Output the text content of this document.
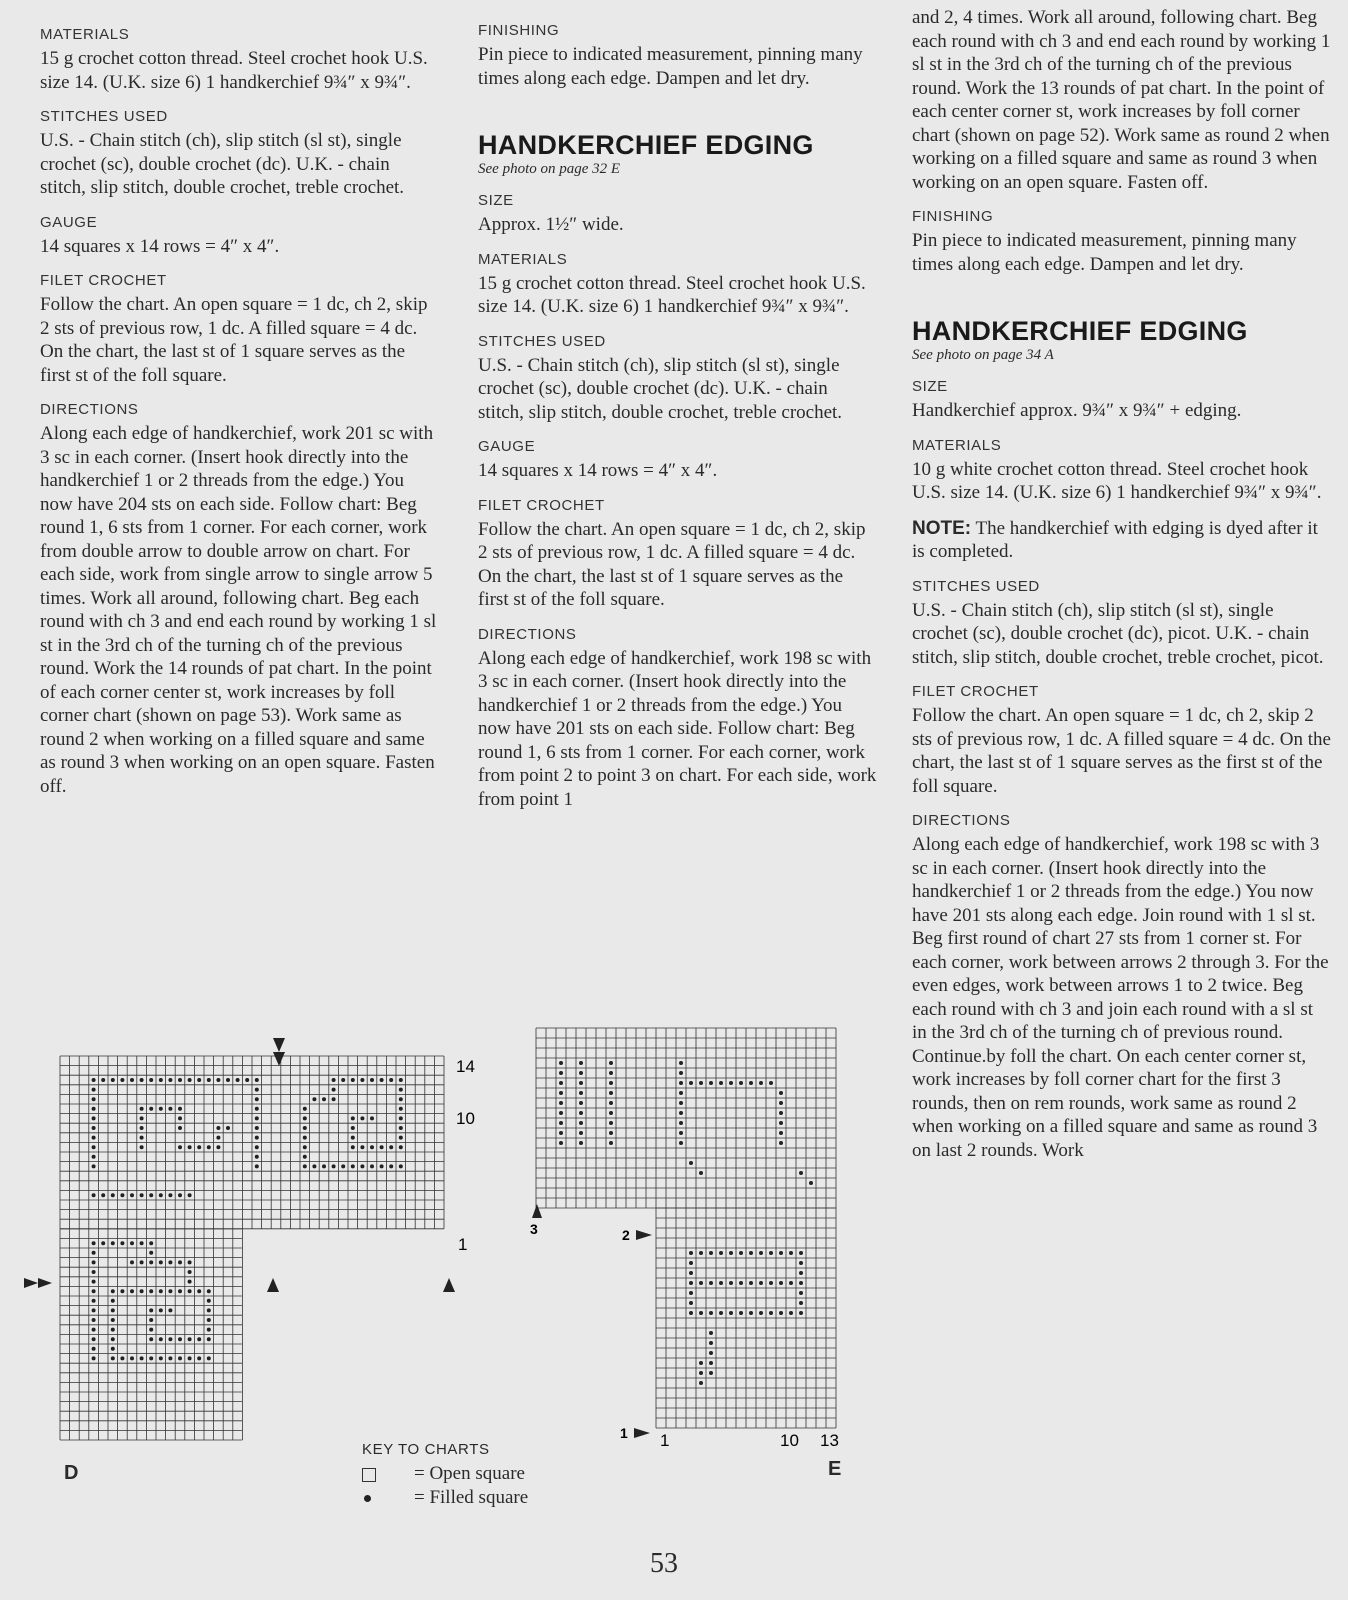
MATERIALS
15 g crochet cotton thread. Steel crochet hook U.S. size 14. (U.K. size 6) 1 handkerchief 9¾″ x 9¾″.
STITCHES USED
U.S. - Chain stitch (ch), slip stitch (sl st), single crochet (sc), double crochet (dc). U.K. - chain stitch, slip stitch, double crochet, treble crochet.
GAUGE
14 squares x 14 rows = 4″ x 4″.
FILET CROCHET
Follow the chart. An open square = 1 dc, ch 2, skip 2 sts of previous row, 1 dc. A filled square = 4 dc. On the chart, the last st of 1 square serves as the first st of the foll square.
DIRECTIONS
Along each edge of handkerchief, work 201 sc with 3 sc in each corner. (Insert hook directly into the handkerchief 1 or 2 threads from the edge.) You now have 204 sts on each side. Follow chart: Beg round 1, 6 sts from 1 corner. For each corner, work from double arrow to double arrow on chart. For each side, work from single arrow to single arrow 5 times. Work all around, following chart. Beg each round with ch 3 and end each round by working 1 sl st in the 3rd ch of the turning ch of the previous round. Work the 14 rounds of pat chart. In the point of each corner center st, work increases by foll corner chart (shown on page 53). Work same as round 2 when working on a filled square and same as round 3 when working on an open square. Fasten off.
FINISHING
Pin piece to indicated measurement, pinning many times along each edge. Dampen and let dry.
HANDKERCHIEF EDGING
See photo on page 32 E
SIZE
Approx. 1½″ wide.
MATERIALS
15 g crochet cotton thread. Steel crochet hook U.S. size 14. (U.K. size 6) 1 handkerchief 9¾″ x 9¾″.
STITCHES USED
U.S. - Chain stitch (ch), slip stitch (sl st), single crochet (sc), double crochet (dc). U.K. - chain stitch, slip stitch, double crochet, treble crochet.
GAUGE
14 squares x 14 rows = 4″ x 4″.
FILET CROCHET
Follow the chart. An open square = 1 dc, ch 2, skip 2 sts of previous row, 1 dc. A filled square = 4 dc. On the chart, the last st of 1 square serves as the first st of the foll square.
DIRECTIONS
Along each edge of handkerchief, work 198 sc with 3 sc in each corner. (Insert hook directly into the handkerchief 1 or 2 threads from the edge.) You now have 201 sts on each side. Follow chart: Beg round 1, 6 sts from 1 corner. For each corner, work from point 2 to point 3 on chart. For each side, work from point 1
and 2, 4 times. Work all around, following chart. Beg each round with ch 3 and end each round by working 1 sl st in the 3rd ch of the turning ch of the previous round. Work the 13 rounds of pat chart. In the point of each center corner st, work increases by foll corner chart (shown on page 52). Work same as round 2 when working on a filled square and same as round 3 when working on an open square. Fasten off.
FINISHING
Pin piece to indicated measurement, pinning many times along each edge. Dampen and let dry.
HANDKERCHIEF EDGING
See photo on page 34 A
SIZE
Handkerchief approx. 9¾″ x 9¾″ + edging.
MATERIALS
10 g white crochet cotton thread. Steel crochet hook U.S. size 14. (U.K. size 6) 1 handkerchief 9¾″ x 9¾″.
NOTE: The handkerchief with edging is dyed after it is completed.
STITCHES USED
U.S. - Chain stitch (ch), slip stitch (sl st), single crochet (sc), double crochet (dc), picot. U.K. - chain stitch, slip stitch, double crochet, treble crochet, picot.
FILET CROCHET
Follow the chart. An open square = 1 dc, ch 2, skip 2 sts of previous row, 1 dc. A filled square = 4 dc. On the chart, the last st of 1 square serves as the first st of the foll square.
DIRECTIONS
Along each edge of handkerchief, work 198 sc with 3 sc in each corner. (Insert hook directly into the handkerchief 1 or 2 threads from the edge.) You now have 201 sts along each edge. Join round with 1 sl st. Beg first round of chart 27 sts from 1 corner st. For each corner, work between arrows 2 through 3. For the even edges, work between arrows 1 to 2 twice. Beg each round with ch 3 and join each round with a sl st in the 3rd ch of the turning ch of previous round. Continue.by foll the chart. On each center corner st, work increases by foll corner chart for the first 3 rounds, then on rem rounds, work same as round 2 when working on a filled square and same as round 3 on last 2 rounds. Work
14
10
1
D
KEY TO CHARTS
= Open square
= Filled square
3	2
1 1	10 13
E
53
